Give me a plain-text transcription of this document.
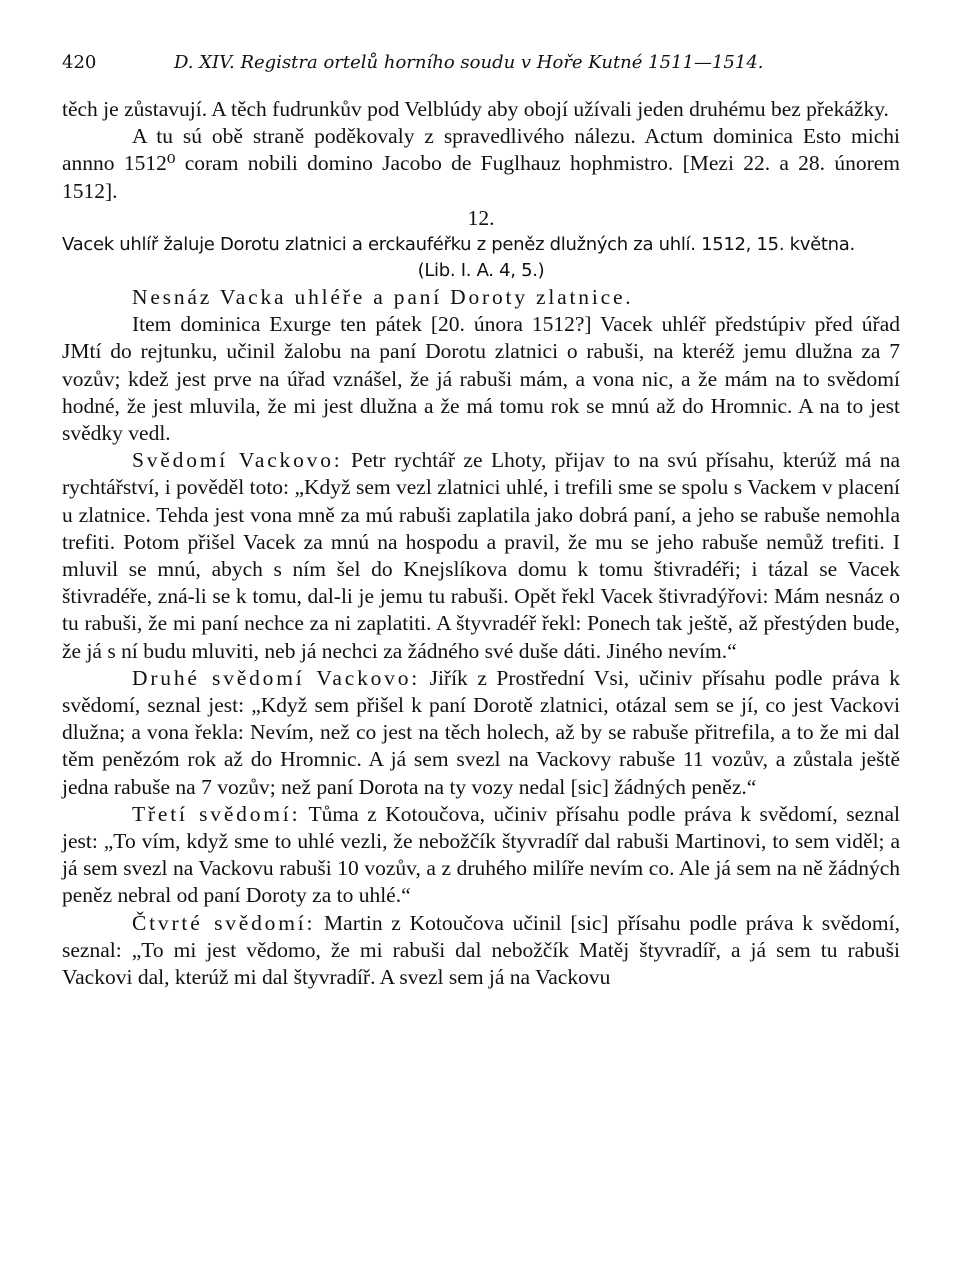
420	D. XIV. Registra ortelů horního soudu v Hoře Kutné 1511—1514.

těch je zůstavují. A těch fudrunkův pod Velblúdy aby obojí užívali jeden druhému bez překážky.

A tu sú obě straně poděkovaly z spravedlivého nálezu. Actum dominica Esto michi annno 1512⁰ coram nobili domino Jacobo de Fuglhauz hophmistro. [Mezi 22. a 28. únorem 1512].

12.

Vacek uhlíř žaluje Dorotu zlatnici a erckauféřku z peněz dlužných za uhlí. 1512, 15. května.

(Lib. I. A. 4, 5.)

Nesnáz Vacka uhléře a paní Doroty zlatnice.

Item dominica Exurge ten pátek [20. února 1512?] Vacek uhléř předstúpiv před úřad JMtí do rejtunku, učinil žalobu na paní Dorotu zlatnici o rabuši, na kteréž jemu dlužna za 7 vozův; kdež jest prve na úřad vznášel, že já rabuši mám, a vona nic, a že mám na to svědomí hodné, že jest mluvila, že mi jest dlužna a že má tomu rok se mnú až do Hromnic. A na to jest svědky vedl.

Svědomí Vackovo: Petr rychtář ze Lhoty, přijav to na svú přísahu, kterúž má na rychtářství, i pověděl toto: „Když sem vezl zlatnici uhlé, i trefili sme se spolu s Vackem v placení u zlatnice. Tehda jest vona mně za mú rabuši zaplatila jako dobrá paní, a jeho se rabuše nemohla trefiti. Potom přišel Vacek za mnú na hospodu a pravil, že mu se jeho rabuše nemůž trefiti. I mluvil se mnú, abych s ním šel do Knejslíkova domu k tomu štivradéři; i tázal se Vacek štivradéře, zná-li se k tomu, dal-li je jemu tu rabuši. Opět řekl Vacek štivradýřovi: Mám nesnáz o tu rabuši, že mi paní nechce za ni zaplatiti. A štyvradéř řekl: Ponech tak ještě, až přestýden bude, že já s ní budu mluviti, neb já nechci za žádného své duše dáti. Jiného nevím.“

Druhé svědomí Vackovo: Jiřík z Prostřední Vsi, učiniv přísahu podle práva k svědomí, seznal jest: „Když sem přišel k paní Dorotě zlatnici, otázal sem se jí, co jest Vackovi dlužna; a vona řekla: Nevím, než co jest na těch holech, až by se rabuše přitrefila, a to že mi dal těm penězóm rok až do Hromnic. A já sem svezl na Vackovy rabuše 11 vozův, a zůstala ještě jedna rabuše na 7 vozův; než paní Dorota na ty vozy nedal [sic] žádných peněz.“

Třetí svědomí: Tůma z Kotoučova, učiniv přísahu podle práva k svědomí, seznal jest: „To vím, když sme to uhlé vezli, že nebožčík štyvradíř dal rabuši Martinovi, to sem viděl; a já sem svezl na Vackovu rabuši 10 vozův, a z druhého milíře nevím co. Ale já sem na ně žádných peněz nebral od paní Doroty za to uhlé.“

Čtvrté svědomí: Martin z Kotoučova učinil [sic] přísahu podle práva k svědomí, seznal: „To mi jest vědomo, že mi rabuši dal nebožčík Matěj štyvradíř, a já sem tu rabuši Vackovi dal, kterúž mi dal štyvradíř. A svezl sem já na Vackovu
